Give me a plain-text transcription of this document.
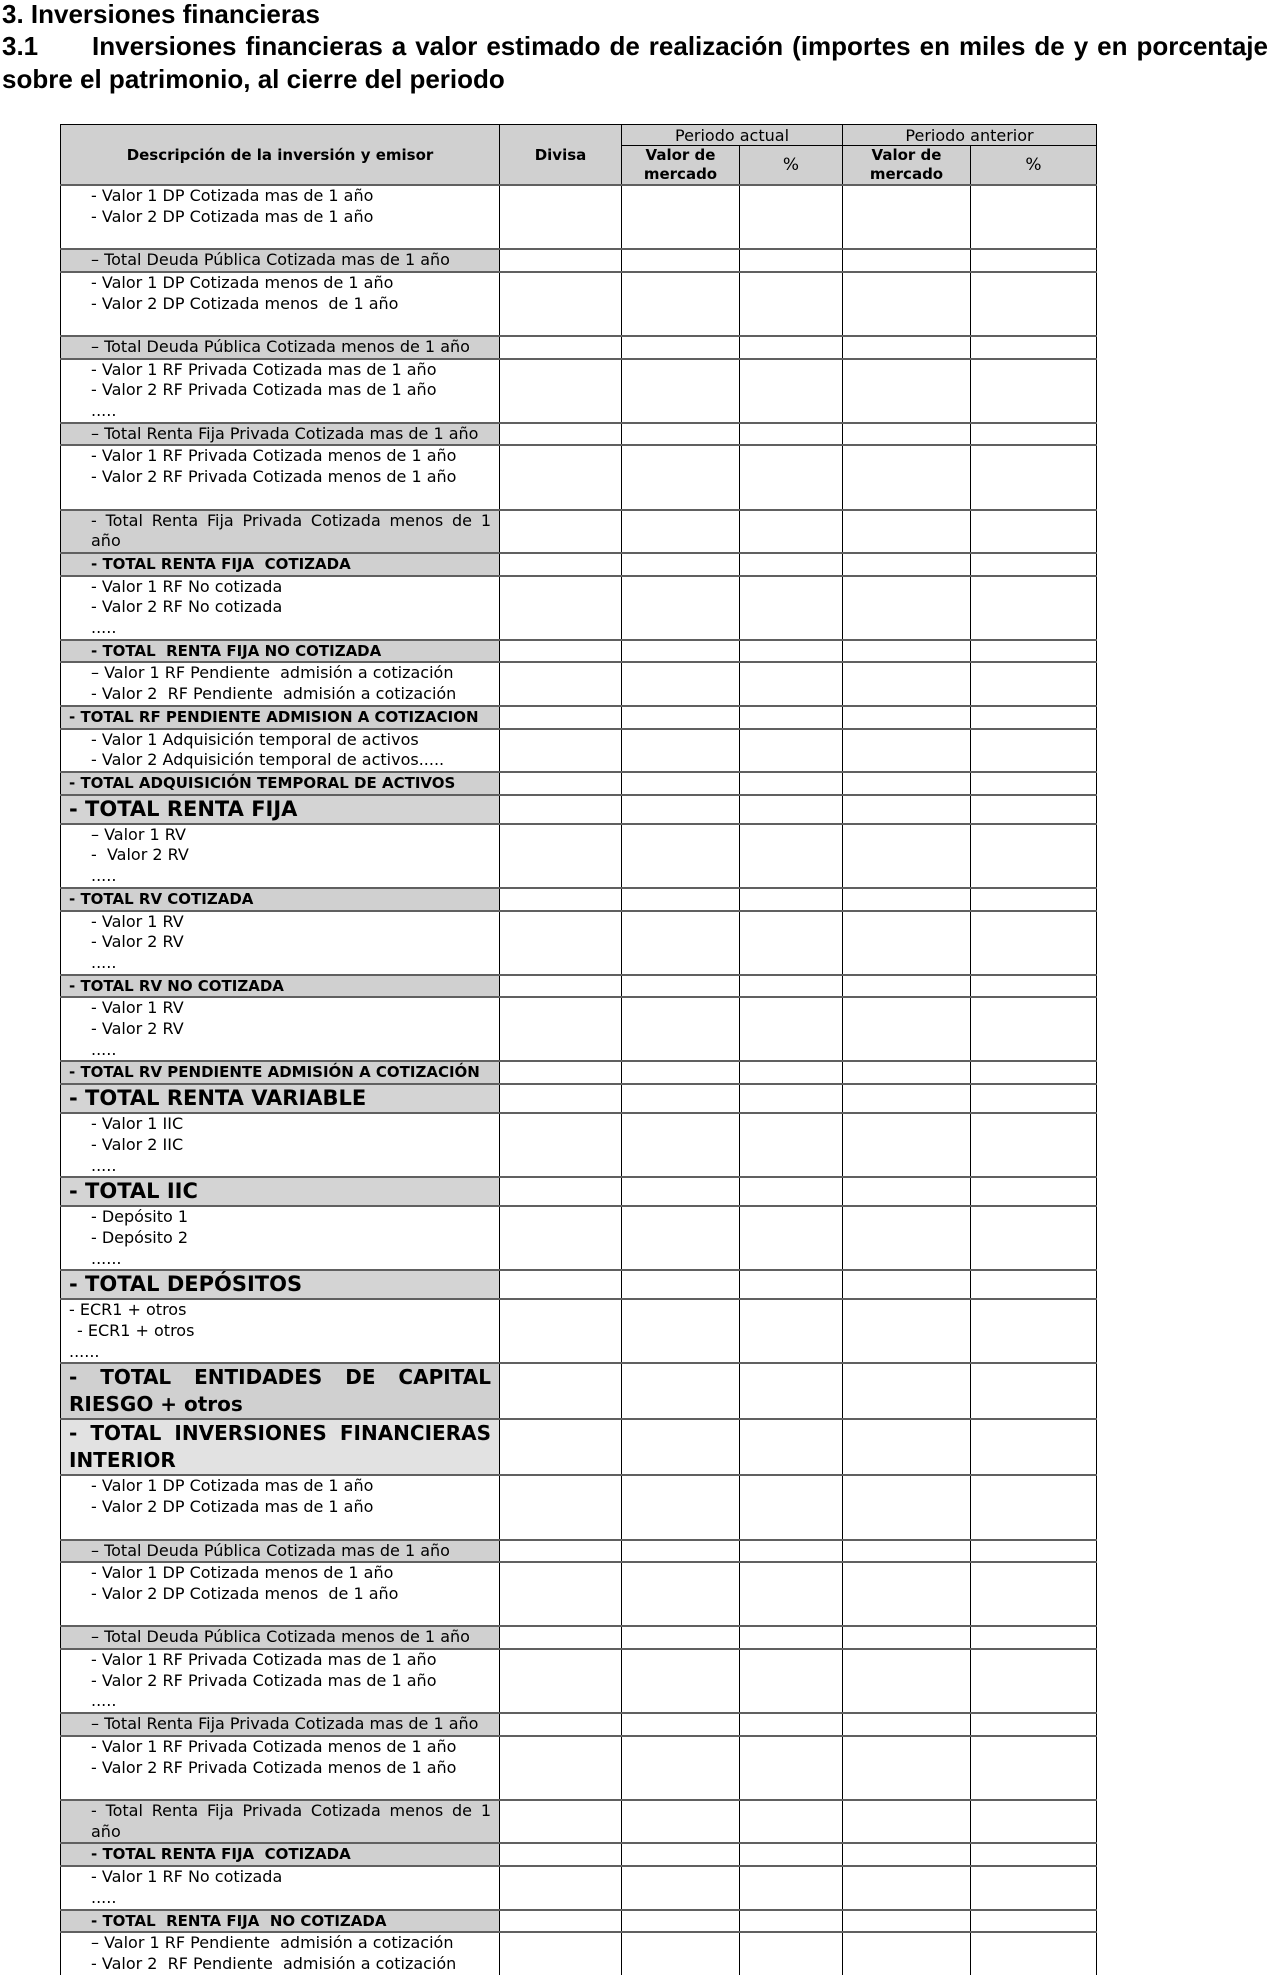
3. Inversiones financieras
3.1 Inversiones financieras a valor estimado de realización (importes en miles de y en porcentaje sobre el patrimonio, al cierre del periodo
Descripción de la inversión y emisor	Divisa	Periodo actual		Periodo anterior	
		Valor de mercado	%	Valor de mercado	%

- Valor 1 DP Cotizada mas de 1 año
- Valor 2 DP Cotizada mas de 1 año					

– Total Deuda Pública Cotizada mas de 1 año					

- Valor 1 DP Cotizada menos de 1 año
- Valor 2 DP Cotizada menos  de 1 año					

– Total Deuda Pública Cotizada menos de 1 año					

- Valor 1 RF Privada Cotizada mas de 1 año
- Valor 2 RF Privada Cotizada mas de 1 año
.....					

– Total Renta Fija Privada Cotizada mas de 1 año					

- Valor 1 RF Privada Cotizada menos de 1 año
- Valor 2 RF Privada Cotizada menos de 1 año					

- Total Renta Fija Privada Cotizada menos de 1 año					

- TOTAL RENTA FIJA  COTIZADA					

- Valor 1 RF No cotizada
- Valor 2 RF No cotizada
.....					

- TOTAL  RENTA FIJA NO COTIZADA					

– Valor 1 RF Pendiente  admisión a cotización
- Valor 2  RF Pendiente  admisión a cotización					

- TOTAL RF PENDIENTE ADMISION A COTIZACION					

- Valor 1 Adquisición temporal de activos
- Valor 2 Adquisición temporal de activos.....					

- TOTAL ADQUISICIÓN TEMPORAL DE ACTIVOS					

- TOTAL RENTA FIJA					

– Valor 1 RV
-  Valor 2 RV
.....					

- TOTAL RV COTIZADA					

- Valor 1 RV
- Valor 2 RV
.....					

- TOTAL RV NO COTIZADA					

- Valor 1 RV
- Valor 2 RV
.....					

- TOTAL RV PENDIENTE ADMISIÓN A COTIZACIÓN					

- TOTAL RENTA VARIABLE					

- Valor 1 IIC
- Valor 2 IIC
.....					

- TOTAL IIC					

- Depósito 1
- Depósito 2
......					

- TOTAL DEPÓSITOS					

- ECR1 + otros
- ECR1 + otros
......					

- TOTAL ENTIDADES DE CAPITAL RIESGO + otros					

- TOTAL INVERSIONES FINANCIERAS INTERIOR					

- Valor 1 DP Cotizada mas de 1 año
- Valor 2 DP Cotizada mas de 1 año					

– Total Deuda Pública Cotizada mas de 1 año					

- Valor 1 DP Cotizada menos de 1 año
- Valor 2 DP Cotizada menos  de 1 año					

– Total Deuda Pública Cotizada menos de 1 año					

- Valor 1 RF Privada Cotizada mas de 1 año
- Valor 2 RF Privada Cotizada mas de 1 año
.....					

– Total Renta Fija Privada Cotizada mas de 1 año					

- Valor 1 RF Privada Cotizada menos de 1 año
- Valor 2 RF Privada Cotizada menos de 1 año					

- Total Renta Fija Privada Cotizada menos de 1 año					

- TOTAL RENTA FIJA  COTIZADA					

- Valor 1 RF No cotizada
.....					

- TOTAL  RENTA FIJA  NO COTIZADA					

– Valor 1 RF Pendiente  admisión a cotización
- Valor 2  RF Pendiente  admisión a cotización					
